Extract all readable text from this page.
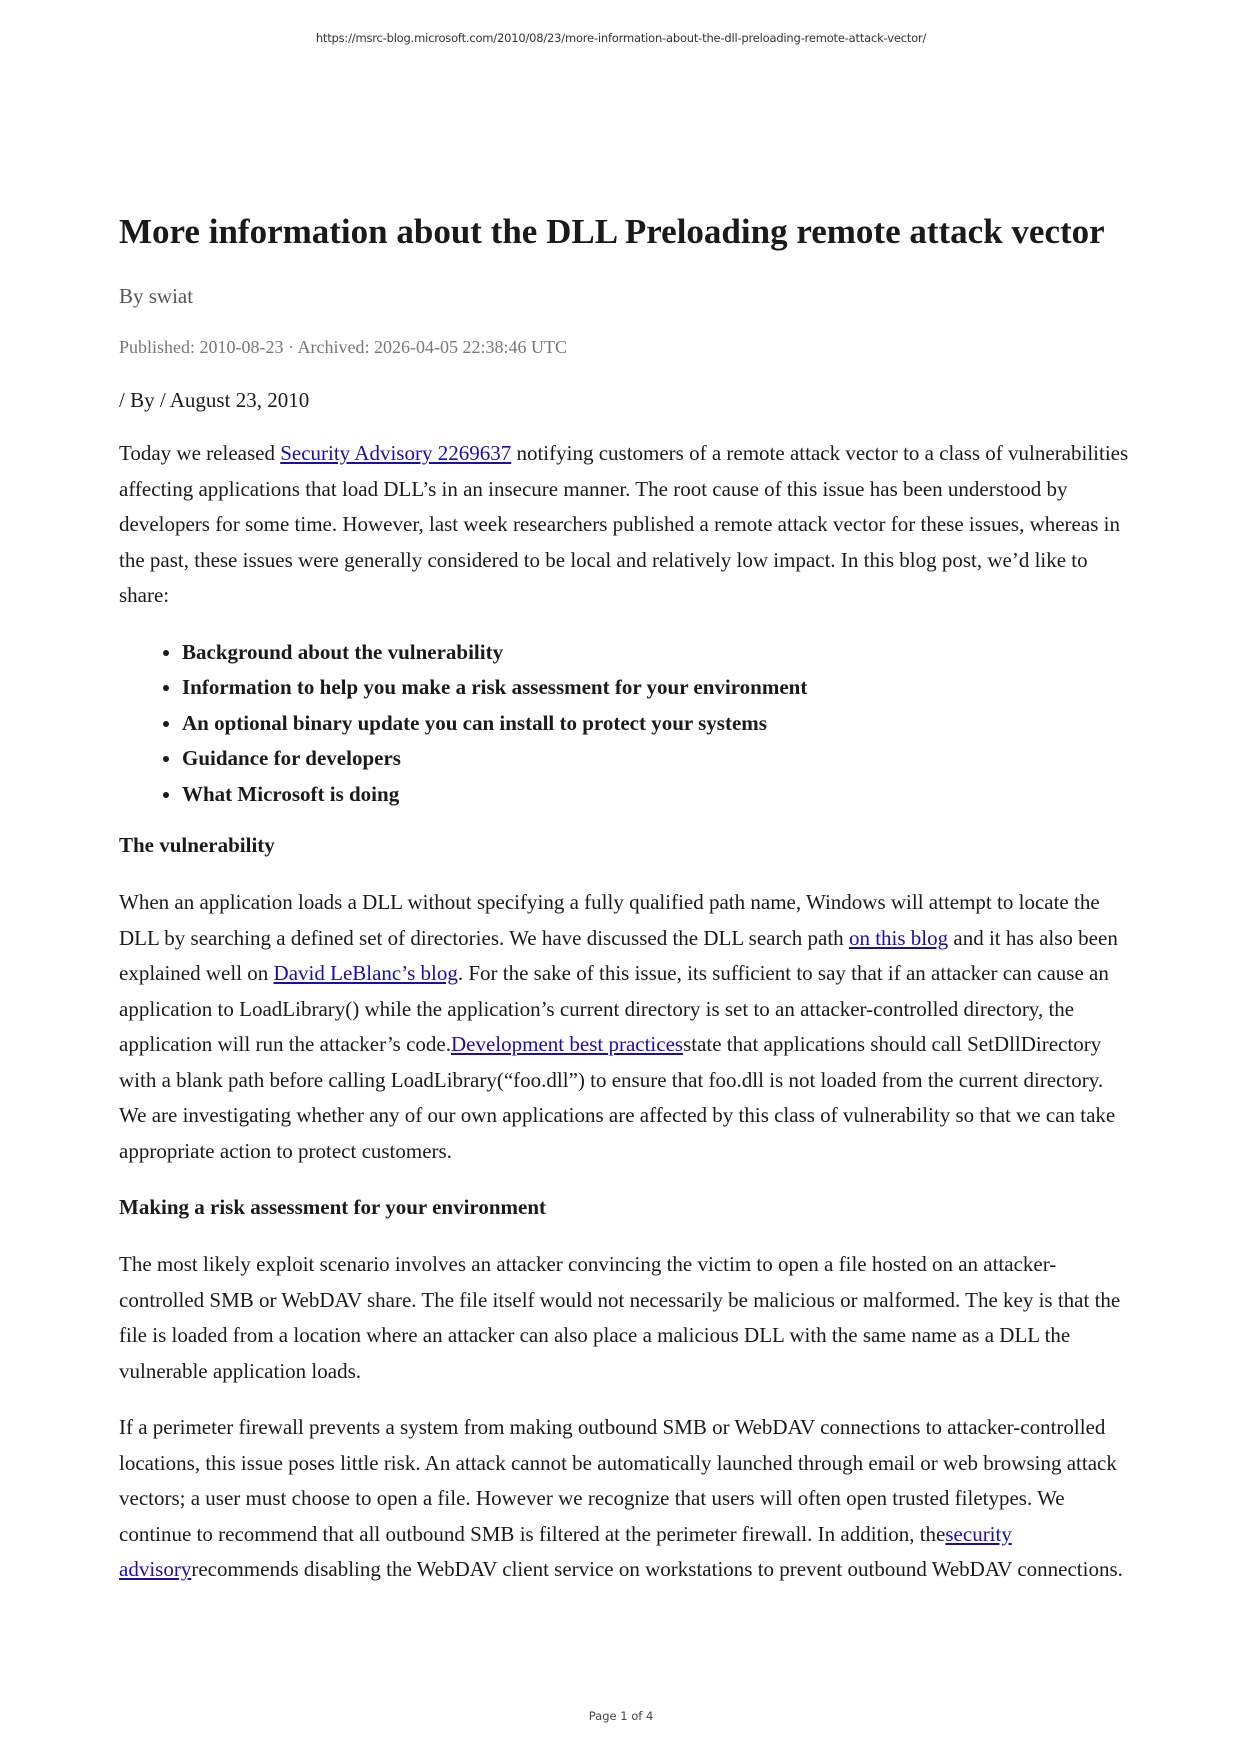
https://msrc-blog.microsoft.com/2010/08/23/more-information-about-the-dll-preloading-remote-attack-vector/
More information about the DLL Preloading remote attack vector
By swiat
Published: 2010-08-23 · Archived: 2026-04-05 22:38:46 UTC
/ By / August 23, 2010

Today we released Security Advisory 2269637 notifying customers of a remote attack vector to a class of vulnerabilities affecting applications that load DLL’s in an insecure manner. The root cause of this issue has been understood by developers for some time. However, last week researchers published a remote attack vector for these issues, whereas in the past, these issues were generally considered to be local and relatively low impact. In this blog post, we’d like to share:

• Background about the vulnerability
• Information to help you make a risk assessment for your environment
• An optional binary update you can install to protect your systems
• Guidance for developers
• What Microsoft is doing
The vulnerability

When an application loads a DLL without specifying a fully qualified path name, Windows will attempt to locate the DLL by searching a defined set of directories. We have discussed the DLL search path on this blog and it has also been explained well on David LeBlanc’s blog. For the sake of this issue, its sufficient to say that if an attacker can cause an application to LoadLibrary() while the application’s current directory is set to an attacker-controlled directory, the application will run the attacker’s code.Development best practicesstate that applications should call SetDllDirectory with a blank path before calling LoadLibrary(“foo.dll”) to ensure that foo.dll is not loaded from the current directory. We are investigating whether any of our own applications are affected by this class of vulnerability so that we can take appropriate action to protect customers.

Making a risk assessment for your environment

The most likely exploit scenario involves an attacker convincing the victim to open a file hosted on an attacker-controlled SMB or WebDAV share. The file itself would not necessarily be malicious or malformed. The key is that the file is loaded from a location where an attacker can also place a malicious DLL with the same name as a DLL the vulnerable application loads.

If a perimeter firewall prevents a system from making outbound SMB or WebDAV connections to attacker-controlled locations, this issue poses little risk. An attack cannot be automatically launched through email or web browsing attack vectors; a user must choose to open a file. However we recognize that users will often open trusted filetypes. We continue to recommend that all outbound SMB is filtered at the perimeter firewall. In addition, thesecurity advisoryrecommends disabling the WebDAV client service on workstations to prevent outbound WebDAV connections.

Page 1 of 4
